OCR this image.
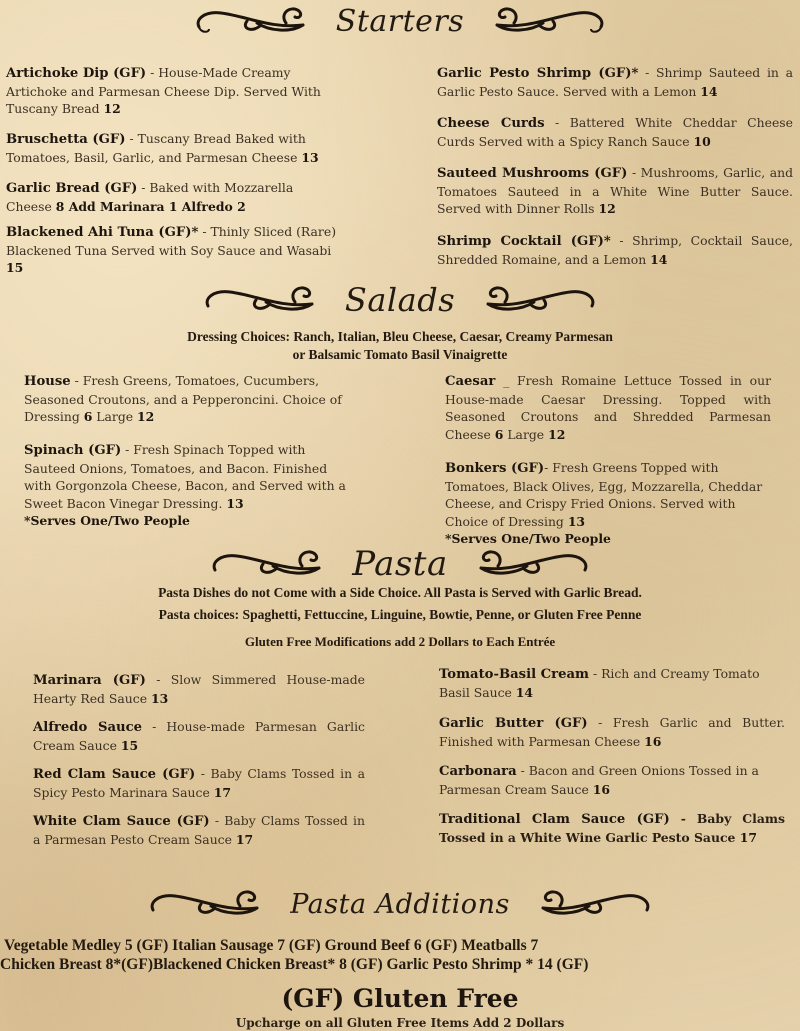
Starters
Artichoke Dip (GF) - House-Made Creamy Artichoke and Parmesan Cheese Dip. Served With Tuscany Bread 12
Bruschetta (GF) - Tuscany Bread Baked with Tomatoes, Basil, Garlic, and Parmesan Cheese 13
Garlic Bread (GF) - Baked with Mozzarella Cheese 8 Add Marinara 1 Alfredo 2
Blackened Ahi Tuna (GF)* - Thinly Sliced (Rare) Blackened Tuna Served with Soy Sauce and Wasabi 15
Garlic Pesto Shrimp (GF)* - Shrimp Sauteed in a Garlic Pesto Sauce. Served with a Lemon 14
Cheese Curds - Battered White Cheddar Cheese Curds Served with a Spicy Ranch Sauce 10
Sauteed Mushrooms (GF) - Mushrooms, Garlic, and Tomatoes Sauteed in a White Wine Butter Sauce. Served with Dinner Rolls 12
Shrimp Cocktail (GF)* - Shrimp, Cocktail Sauce, Shredded Romaine, and a Lemon 14
Salads
Dressing Choices: Ranch, Italian, Bleu Cheese, Caesar, Creamy Parmesan
or Balsamic Tomato Basil Vinaigrette
House - Fresh Greens, Tomatoes, Cucumbers, Seasoned Croutons, and a Pepperoncini. Choice of Dressing 6 Large 12
Spinach (GF) - Fresh Spinach Topped with Sauteed Onions, Tomatoes, and Bacon. Finished with Gorgonzola Cheese, Bacon, and Served with a Sweet Bacon Vinegar Dressing. 13
*Serves One/Two People
Caesar _ Fresh Romaine Lettuce Tossed in our House-made Caesar Dressing. Topped with Seasoned Croutons and Shredded Parmesan Cheese 6 Large 12
Bonkers (GF)- Fresh Greens Topped with Tomatoes, Black Olives, Egg, Mozzarella, Cheddar Cheese, and Crispy Fried Onions. Served with Choice of Dressing 13
*Serves One/Two People
Pasta
Pasta Dishes do not Come with a Side Choice. All Pasta is Served with Garlic Bread.
Pasta choices: Spaghetti, Fettuccine, Linguine, Bowtie, Penne, or Gluten Free Penne
Gluten Free Modifications add 2 Dollars to Each Entrée
Marinara (GF) - Slow Simmered House-made Hearty Red Sauce 13
Alfredo Sauce - House-made Parmesan Garlic Cream Sauce 15
Red Clam Sauce (GF) - Baby Clams Tossed in a Spicy Pesto Marinara Sauce 17
White Clam Sauce (GF) - Baby Clams Tossed in a Parmesan Pesto Cream Sauce 17
Tomato-Basil Cream - Rich and Creamy Tomato Basil Sauce 14
Garlic Butter (GF) - Fresh Garlic and Butter. Finished with Parmesan Cheese 16
Carbonara - Bacon and Green Onions Tossed in a Parmesan Cream Sauce 16
Traditional Clam Sauce (GF) - Baby Clams Tossed in a White Wine Garlic Pesto Sauce 17
Pasta Additions
Vegetable Medley 5 (GF) Italian Sausage 7 (GF) Ground Beef 6 (GF) Meatballs 7
Chicken Breast 8*(GF)Blackened Chicken Breast* 8 (GF) Garlic Pesto Shrimp * 14 (GF)
(GF) Gluten Free
Upcharge on all Gluten Free Items Add 2 Dollars
